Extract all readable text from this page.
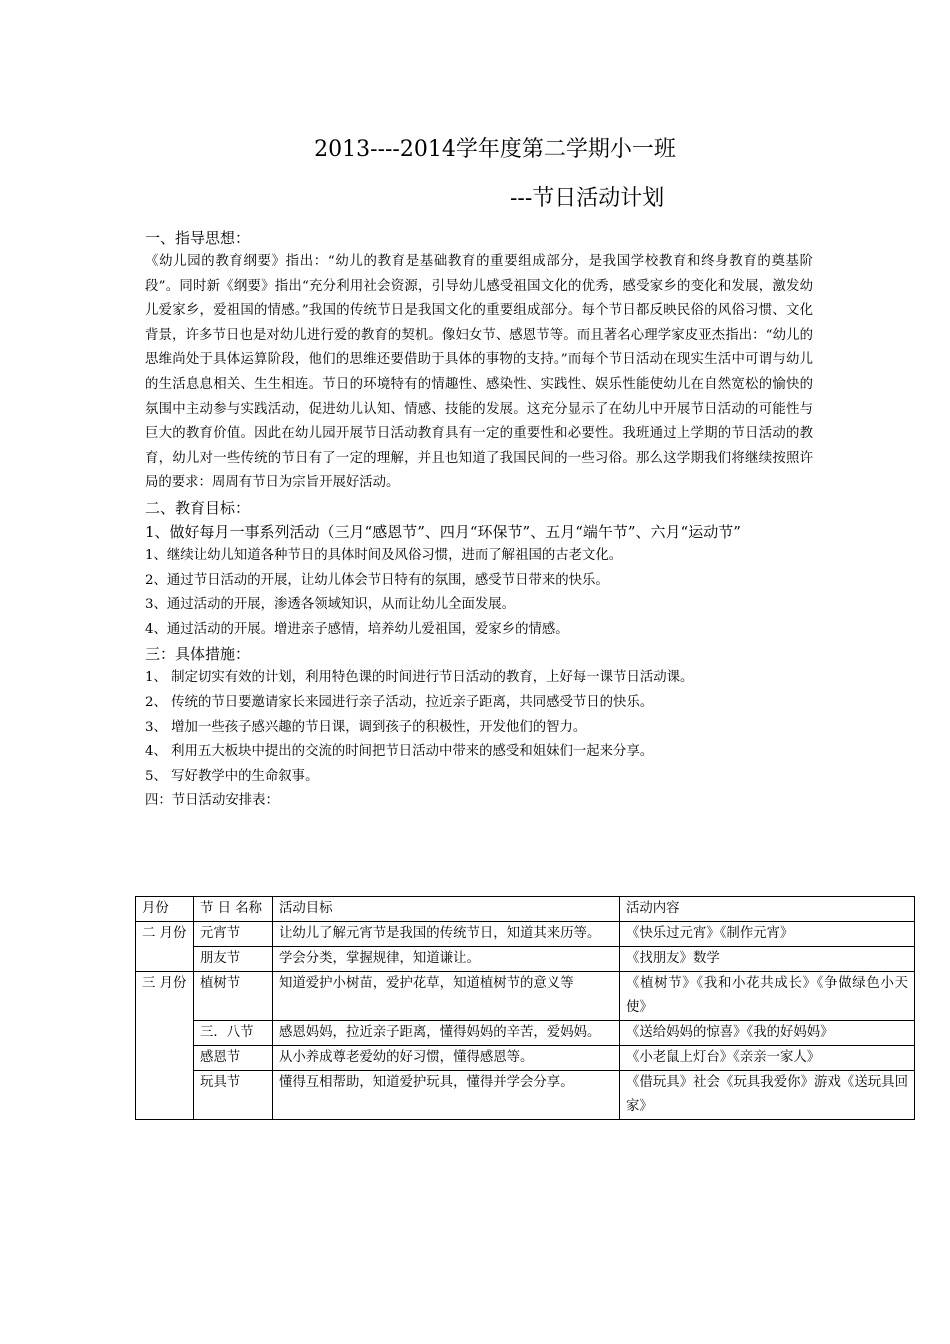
2013----2014学年度第二学期小一班
---节日活动计划

一、指导思想：

《幼儿园的教育纲要》指出：“幼儿的教育是基础教育的重要组成部分，是我国学校教育和终身教育的奠基阶段”。同时新《纲要》指出“充分利用社会资源，引导幼儿感受祖国文化的优秀，感受家乡的变化和发展，激发幼儿爱家乡，爱祖国的情感。”我国的传统节日是我国文化的重要组成部分。每个节日都反映民俗的风俗习惯、文化背景，许多节日也是对幼儿进行爱的教育的契机。像妇女节、感恩节等。而且著名心理学家皮亚杰指出：“幼儿的思维尚处于具体运算阶段，他们的思维还要借助于具体的事物的支持。”而每个节日活动在现实生活中可谓与幼儿的生活息息相关、生生相连。节日的环境特有的情趣性、感染性、实践性、娱乐性能使幼儿在自然宽松的愉快的氛围中主动参与实践活动，促进幼儿认知、情感、技能的发展。这充分显示了在幼儿中开展节日活动的可能性与巨大的教育价值。因此在幼儿园开展节日活动教育具有一定的重要性和必要性。我班通过上学期的节日活动的教育，幼儿对一些传统的节日有了一定的理解，并且也知道了我国民间的一些习俗。那么这学期我们将继续按照许局的要求：周周有节日为宗旨开展好活动。

二、教育目标：

1、做好每月一事系列活动（三月“感恩节”、四月“环保节”、五月“端午节”、六月“运动节”

1、继续让幼儿知道各种节日的具体时间及风俗习惯，进而了解祖国的古老文化。

2、通过节日活动的开展，让幼儿体会节日特有的氛围，感受节日带来的快乐。

3、通过活动的开展，渗透各领域知识，从而让幼儿全面发展。

4、通过活动的开展。增进亲子感情，培养幼儿爱祖国，爱家乡的情感。

三：具体措施：

1、 制定切实有效的计划，利用特色课的时间进行节日活动的教育，上好每一课节日活动课。

2、 传统的节日要邀请家长来园进行亲子活动，拉近亲子距离，共同感受节日的快乐。

3、 增加一些孩子感兴趣的节日课，调到孩子的积极性，开发他们的智力。

4、 利用五大板块中提出的交流的时间把节日活动中带来的感受和姐妹们一起来分享。

5、 写好教学中的生命叙事。

四：节日活动安排表：

月份	节 日 名称	活动目标	活动内容
二 月份	元宵节	让幼儿了解元宵节是我国的传统节日，知道其来历等。	《快乐过元宵》《制作元宵》
	朋友节	学会分类，掌握规律，知道谦让。	《找朋友》数学
三 月份	植树节	知道爱护小树苗，爱护花草，知道植树节的意义等	《植树节》《我和小花共成长》《争做绿色小天使》
	三．八节	感恩妈妈，拉近亲子距离，懂得妈妈的辛苦，爱妈妈。	《送给妈妈的惊喜》《我的好妈妈》
	感恩节	从小养成尊老爱幼的好习惯，懂得感恩等。	《小老鼠上灯台》《亲亲一家人》
	玩具节	懂得互相帮助，知道爱护玩具，懂得并学会分享。	《借玩具》社会《玩具我爱你》游戏《送玩具回家》
